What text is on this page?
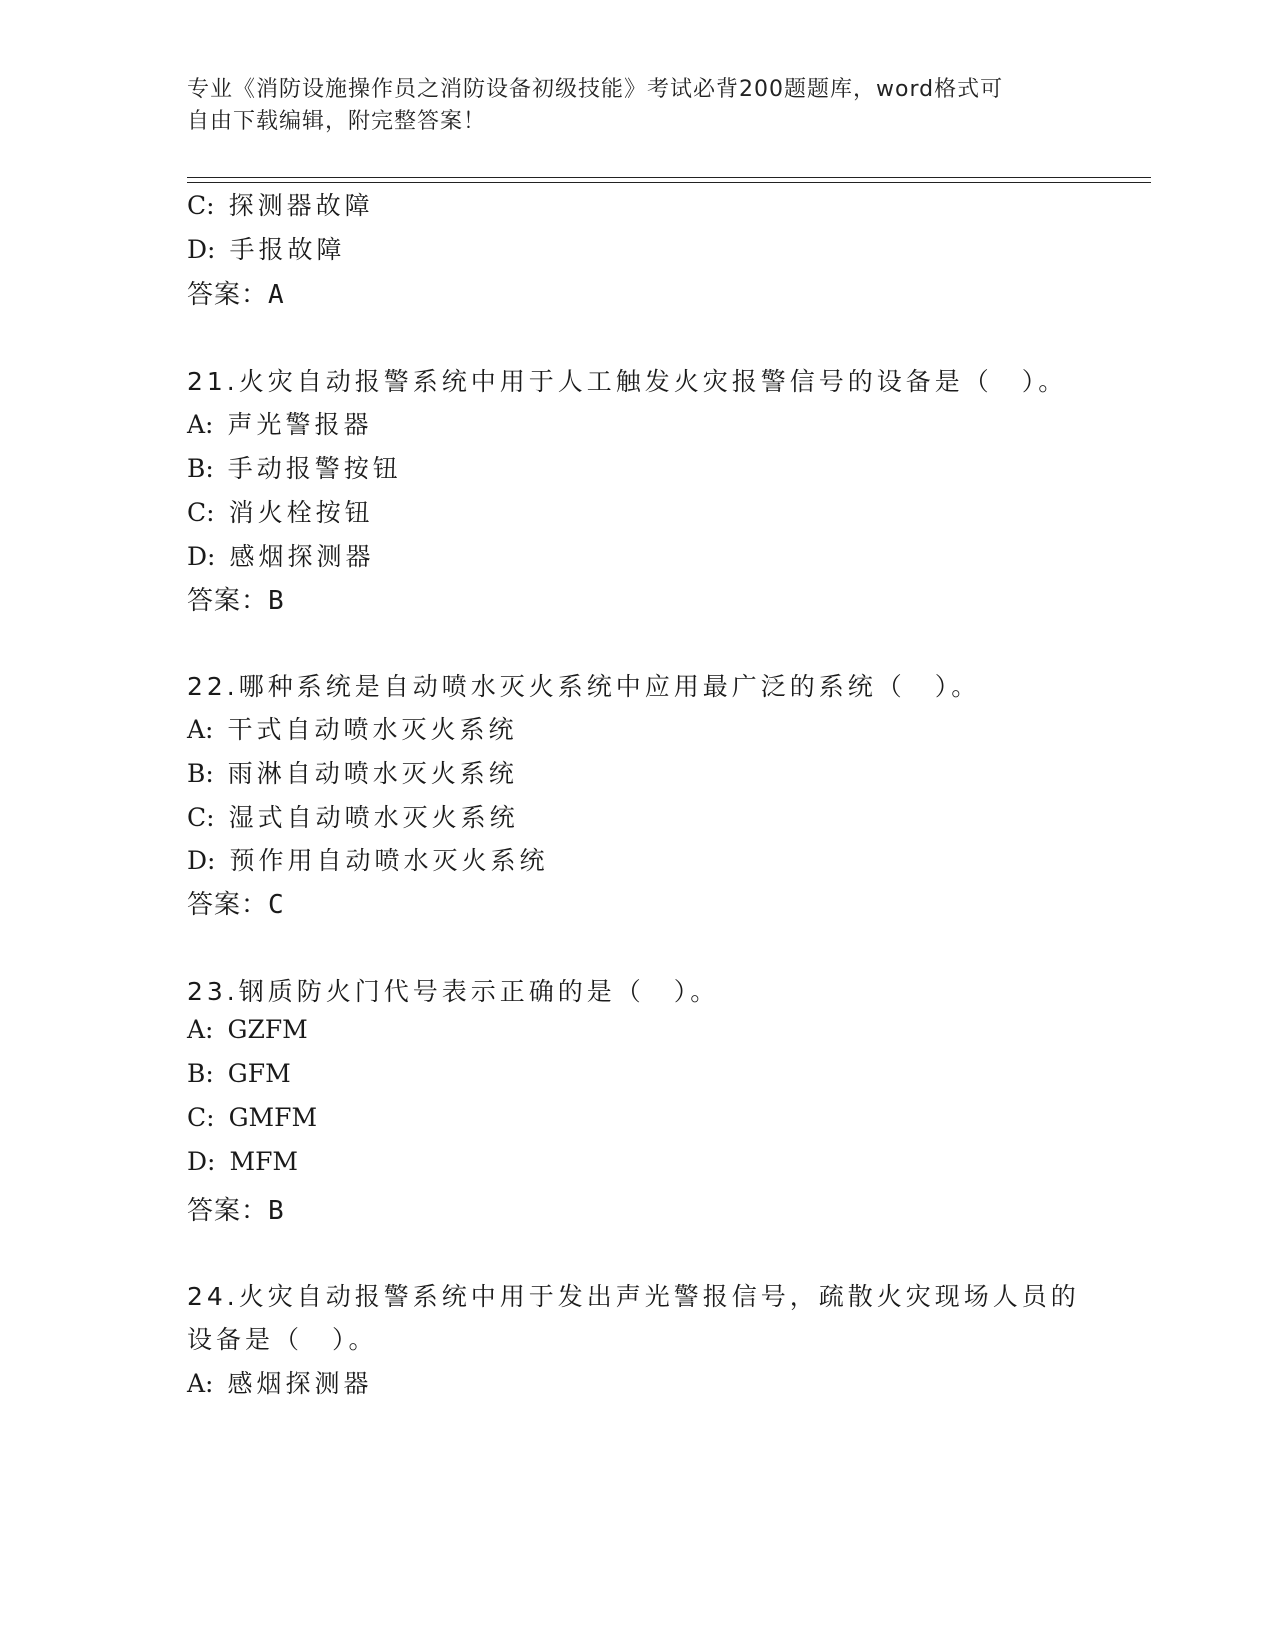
专业《消防设施操作员之消防设备初级技能》考试必背200题题库，word格式可
自由下载编辑，附完整答案！
C: 探测器故障
D: 手报故障
答案：A
21.火灾自动报警系统中用于人工触发火灾报警信号的设备是（　）。
A: 声光警报器
B: 手动报警按钮
C: 消火栓按钮
D: 感烟探测器
答案：B
22.哪种系统是自动喷水灭火系统中应用最广泛的系统（　）。
A: 干式自动喷水灭火系统
B: 雨淋自动喷水灭火系统
C: 湿式自动喷水灭火系统
D: 预作用自动喷水灭火系统
答案：C
23.钢质防火门代号表示正确的是（　）。
A: GZFM
B: GFM
C: GMFM
D: MFM
答案：B
24.火灾自动报警系统中用于发出声光警报信号，疏散火灾现场人员的
设备是（　）。
A: 感烟探测器
